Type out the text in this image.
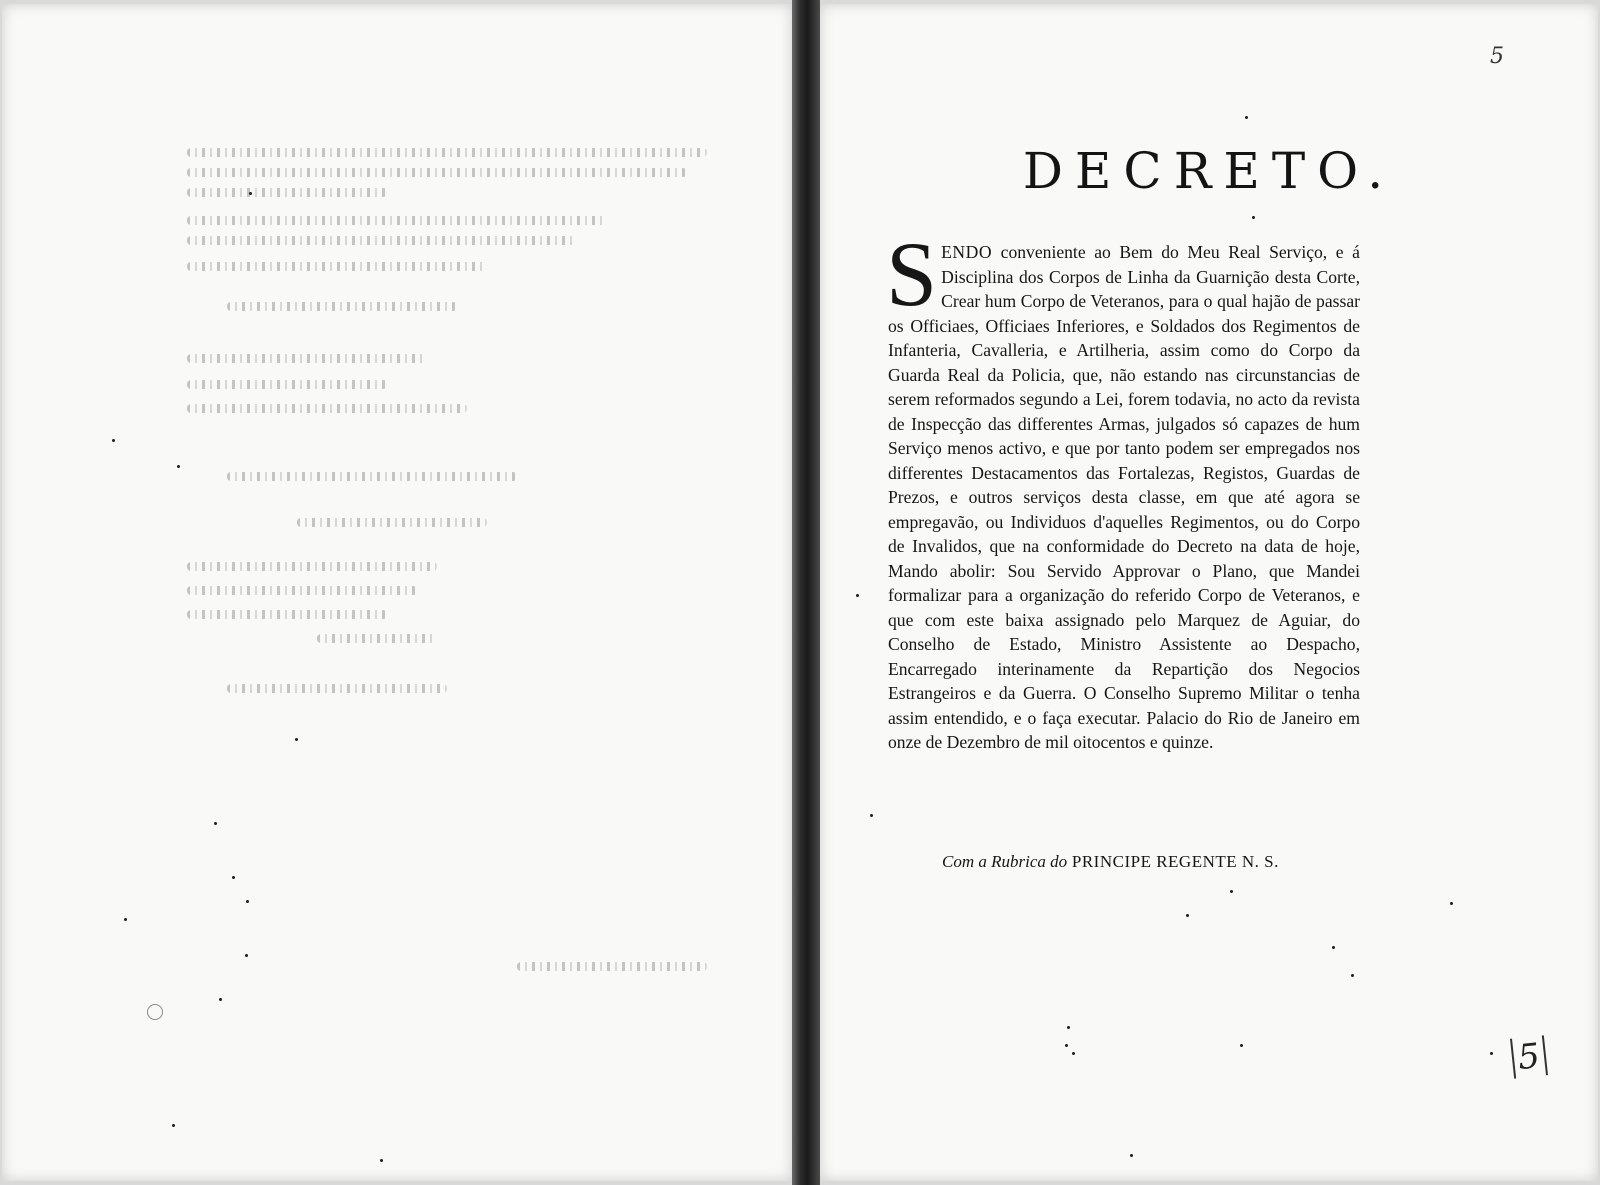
5
DECRETO.
SENDO conveniente ao Bem do Meu Real Serviço, e á Disciplina dos Corpos de Linha da Guarnição desta Corte, Crear hum Corpo de Veteranos, para o qual hajão de passar os Officiaes, Officiaes Inferiores, e Soldados dos Regimentos de Infanteria, Cavalleria, e Artilheria, assim como do Corpo da Guarda Real da Policia, que, não estando nas circunstancias de serem reformados segundo a Lei, forem todavia, no acto da revista de Inspecção das differentes Armas, julgados só capazes de hum Serviço menos activo, e que por tanto podem ser empregados nos differentes Destacamentos das Fortalezas, Registos, Guardas de Prezos, e outros serviços desta classe, em que até agora se empregavão, ou Individuos d'aquelles Regimentos, ou do Corpo de Invalidos, que na conformidade do Decreto na data de hoje, Mando abolir: Sou Servido Approvar o Plano, que Mandei formalizar para a organização do referido Corpo de Veteranos, e que com este baixa assignado pelo Marquez de Aguiar, do Conselho de Estado, Ministro Assistente ao Despacho, Encarregado interinamente da Repartição dos Negocios Estrangeiros e da Guerra. O Conselho Supremo Militar o tenha assim entendido, e o faça executar. Palacio do Rio de Janeiro em onze de Dezembro de mil oitocentos e quinze.
Com a Rubrica do PRINCIPE REGENTE N. S.
5
